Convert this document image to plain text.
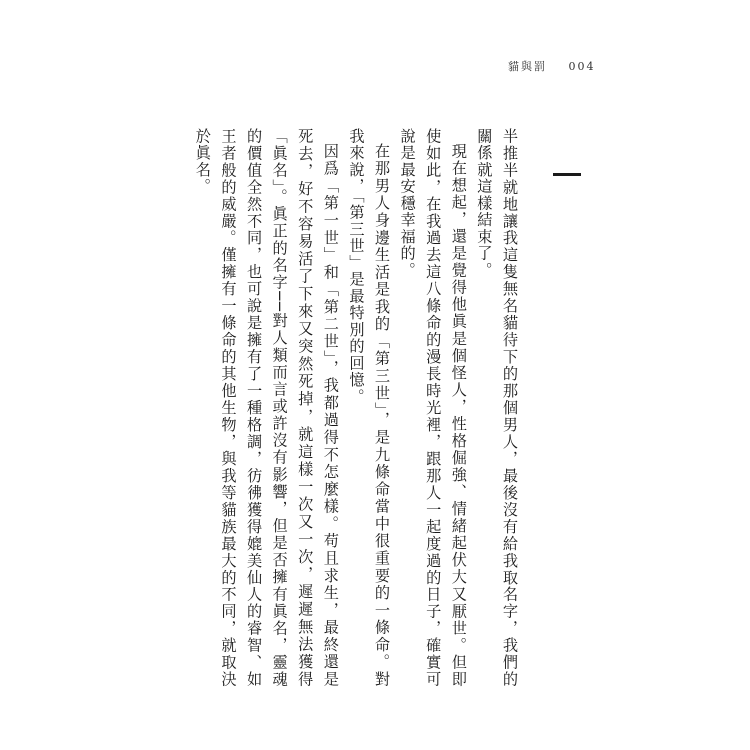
貓與罰 004

半推半就地讓我這隻無名貓待下的那個男人，最後沒有給我取名字，我們的關係就這樣結束了。

現在想起，還是覺得他眞是個怪人，性格倔強、情緒起伏大又厭世。但即使如此，在我過去這八條命的漫長時光裡，跟那人一起度過的日子，確實可說是最安穩幸福的。

在那男人身邊生活是我的「第三世」，是九條命當中很重要的一條命。對我來說，「第三世」是最特別的回憶。

因爲「第一世」和「第二世」，我都過得不怎麼樣。苟且求生，最終還是死去，好不容易活了下來又突然死掉，就這樣一次又一次，遲遲無法獲得「眞名」。眞正的名字──對人類而言或許沒有影響，但是否擁有眞名，靈魂的價值全然不同，也可說是擁有了一種格調，彷彿獲得媲美仙人的睿智、如王者般的威嚴。僅擁有一條命的其他生物，與我等貓族最大的不同，就取決於眞名。
